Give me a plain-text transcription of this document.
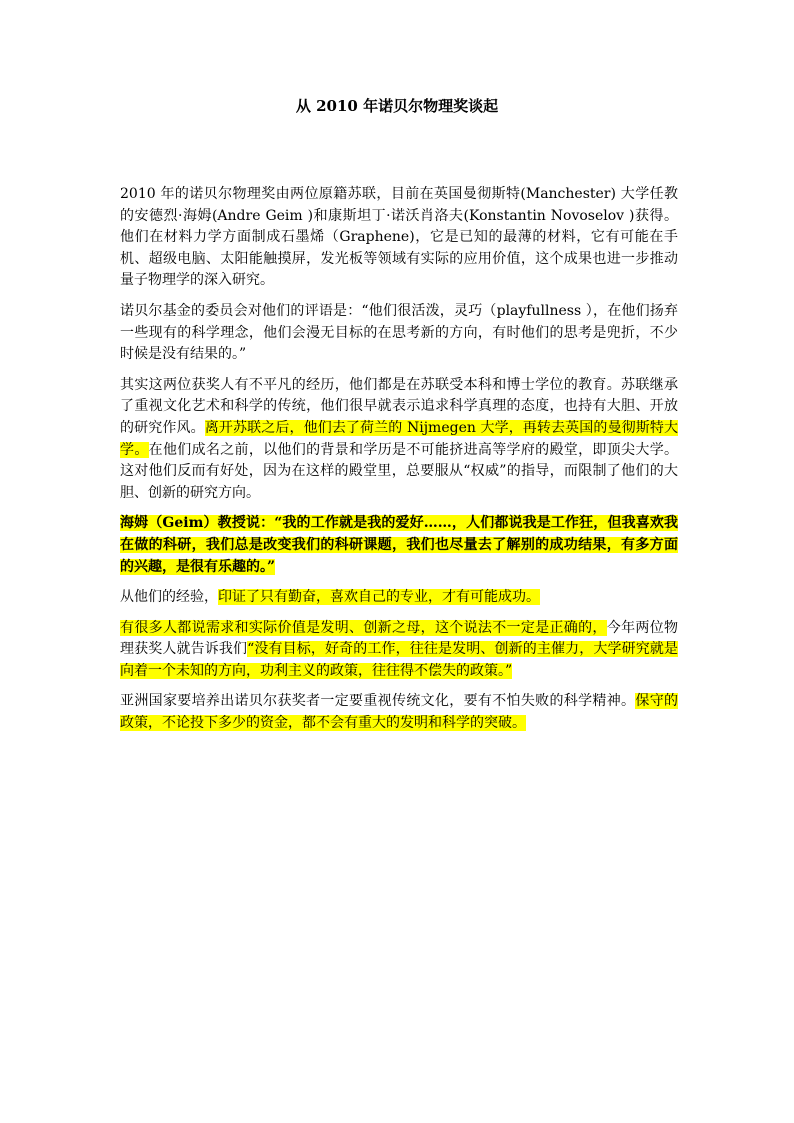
从 2010 年诺贝尔物理奖谈起

2010 年的诺贝尔物理奖由两位原籍苏联，目前在英国曼彻斯特(Manchester) 大学任教的安德烈·海姆(Andre Geim )和康斯坦丁·诺沃肖洛夫(Konstantin Novoselov )获得。他们在材料力学方面制成石墨烯（Graphene)，它是已知的最薄的材料，它有可能在手机、超级电脑、太阳能触摸屏，发光板等领域有实际的应用价值，这个成果也进一步推动量子物理学的深入研究。

诺贝尔基金的委员会对他们的评语是：“他们很活泼，灵巧（playfullness ），在他们扬弃一些现有的科学理念，他们会漫无目标的在思考新的方向，有时他们的思考是兜折，不少时候是没有结果的。”

其实这两位获奖人有不平凡的经历，他们都是在苏联受本科和博士学位的教育。苏联继承了重视文化艺术和科学的传统，他们很早就表示追求科学真理的态度，也持有大胆、开放的研究作风。离开苏联之后，他们去了荷兰的 Nijmegen 大学，再转去英国的曼彻斯特大学。在他们成名之前，以他们的背景和学历是不可能挤进高等学府的殿堂，即顶尖大学。这对他们反而有好处，因为在这样的殿堂里，总要服从“权威”的指导，而限制了他们的大胆、创新的研究方向。

海姆（Geim）教授说：“我的工作就是我的爱好……，人们都说我是工作狂，但我喜欢我在做的科研，我们总是改变我们的科研课题，我们也尽量去了解别的成功结果，有多方面的兴趣，是很有乐趣的。”

从他们的经验，印证了只有勤奋，喜欢自己的专业，才有可能成功。

有很多人都说需求和实际价值是发明、创新之母，这个说法不一定是正确的，今年两位物理获奖人就告诉我们“没有目标，好奇的工作，往往是发明、创新的主催力，大学研究就是向着一个未知的方向，功利主义的政策，往往得不偿失的政策。”

亚洲国家要培养出诺贝尔获奖者一定要重视传统文化，要有不怕失败的科学精神。保守的政策，不论投下多少的资金，都不会有重大的发明和科学的突破。
